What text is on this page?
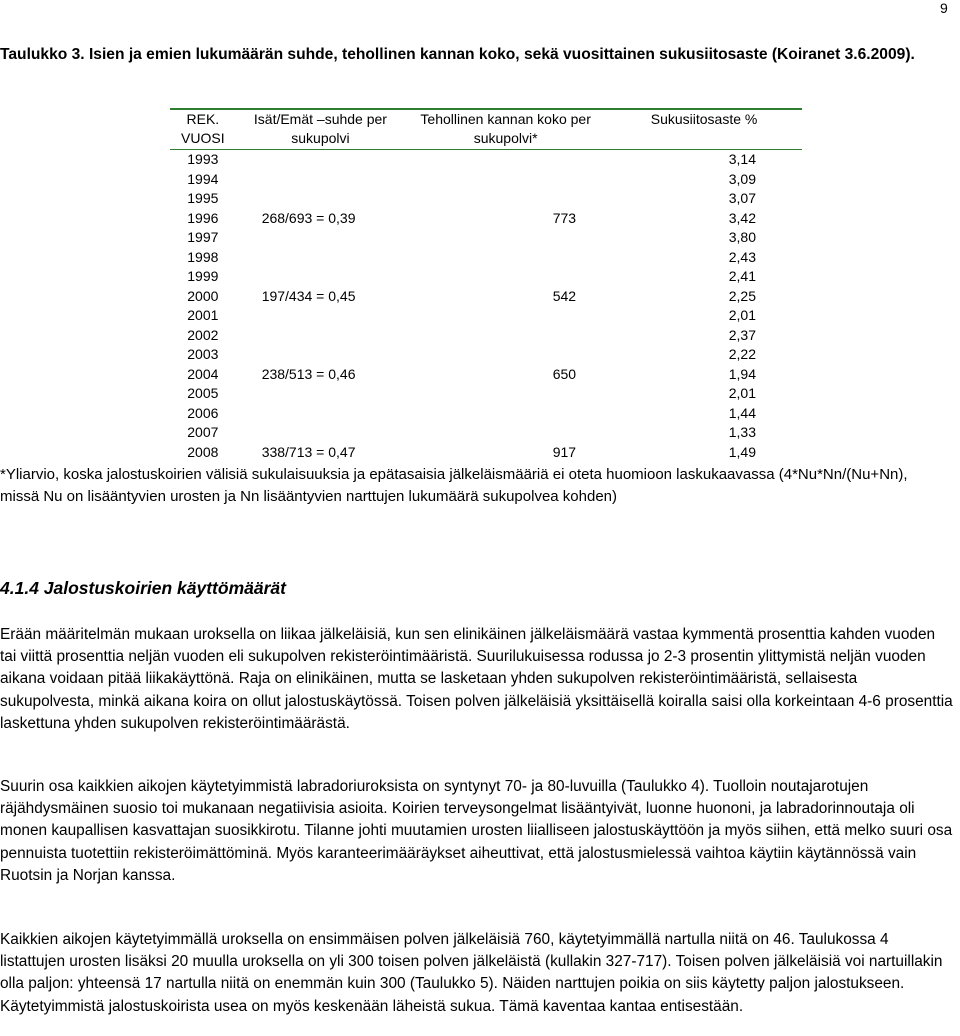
9
Taulukko 3. Isien ja emien lukumäärän suhde, tehollinen kannan koko, sekä vuosittainen sukusiitosaste (Koiranet 3.6.2009).
REK. VUOSI	Isät/Emät –suhde per sukupolvi	Tehollinen kannan koko per sukupolvi*	Sukusiitosaste %

1993			3,14
1994			3,09
1995			3,07
1996	268/693 = 0,39	773	3,42
1997			3,80
1998			2,43
1999			2,41
2000	197/434 = 0,45	542	2,25
2001			2,01
2002			2,37
2003			2,22
2004	238/513 = 0,46	650	1,94
2005			2,01
2006			1,44
2007			1,33
2008	338/713 = 0,47	917	1,49
*Yliarvio, koska jalostuskoirien välisiä sukulaisuuksia ja epätasaisia jälkeläismääriä ei oteta huomioon laskukaavassa (4*Nu*Nn/(Nu+Nn), missä Nu on lisääntyvien urosten ja Nn lisääntyvien narttujen lukumäärä sukupolvea kohden)
4.1.4 Jalostuskoirien käyttömäärät

Erään määritelmän mukaan uroksella on liikaa jälkeläisiä, kun sen elinikäinen jälkeläismäärä vastaa kymmentä prosenttia kahden vuoden tai viittä prosenttia neljän vuoden eli sukupolven rekisteröintimääristä. Suurilukuisessa rodussa jo 2-3 prosentin ylittymistä neljän vuoden aikana voidaan pitää liikakäyttönä. Raja on elinikäinen, mutta se lasketaan yhden sukupolven rekisteröintimääristä, sellaisesta sukupolvesta, minkä aikana koira on ollut jalostuskäytössä. Toisen polven jälkeläisiä yksittäisellä koiralla saisi olla korkeintaan 4-6 prosenttia laskettuna yhden sukupolven rekisteröintimäärästä.

Suurin osa kaikkien aikojen käytetyimmistä labradoriuroksista on syntynyt 70- ja 80-luvuilla (Taulukko 4). Tuolloin noutajarotujen räjähdysmäinen suosio toi mukanaan negatiivisia asioita. Koirien terveysongelmat lisääntyivät, luonne huononi, ja labradorinnoutaja oli monen kaupallisen kasvattajan suosikkirotu. Tilanne johti muutamien urosten liialliseen jalostuskäyttöön ja myös siihen, että melko suuri osa pennuista tuotettiin rekisteröimättöminä. Myös karanteerimääräykset aiheuttivat, että jalostusmielessä vaihtoa käytiin käytännössä vain Ruotsin ja Norjan kanssa.

Kaikkien aikojen käytetyimmällä uroksella on ensimmäisen polven jälkeläisiä 760, käytetyimmällä nartulla niitä on 46. Taulukossa 4 listattujen urosten lisäksi 20 muulla uroksella on yli 300 toisen polven jälkeläistä (kullakin 327-717). Toisen polven jälkeläisiä voi nartuillakin olla paljon: yhteensä 17 nartulla niitä on enemmän kuin 300 (Taulukko 5). Näiden narttujen poikia on siis käytetty paljon jalostukseen. Käytetyimmistä jalostuskoirista usea on myös keskenään läheistä sukua. Tämä kaventaa kantaa entisestään.
